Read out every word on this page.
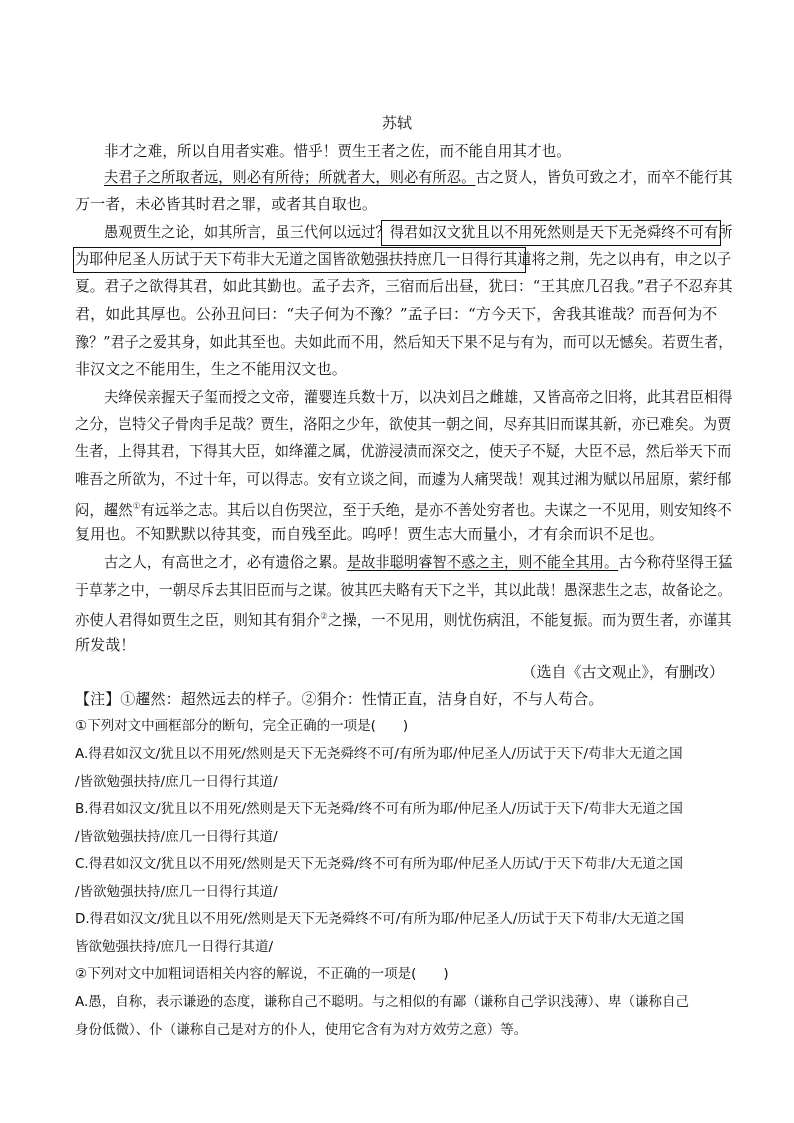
苏轼
非才之难，所以自用者实难。惜乎！贾生王者之佐，而不能自用其才也。
夫君子之所取者远，则必有所待；所就者大，则必有所忍。古之贤人，皆负可致之才，而卒不能行其
万一者，未必皆其时君之罪，或者其自取也。
愚观贾生之论，如其所言，虽三代何以远过？得君如汉文犹且以不用死然则是天下无尧舜终不可有所
为耶仲尼圣人历试于天下苟非大无道之国皆欲勉强扶持庶几一日得行其道将之荆，先之以冉有，申之以子
夏。君子之欲得其君，如此其勤也。孟子去齐，三宿而后出昼，犹曰：“王其庶几召我。”君子不忍弃其
君，如此其厚也。公孙丑问曰：“夫子何为不豫？”孟子曰：“方今天下，舍我其谁哉？而吾何为不
豫？”君子之爱其身，如此其至也。夫如此而不用，然后知天下果不足与有为，而可以无憾矣。若贾生者，
非汉文之不能用生，生之不能用汉文也。
夫绛侯亲握天子玺而授之文帝，灌婴连兵数十万，以决刘吕之雌雄，又皆高帝之旧将，此其君臣相得
之分，岂特父子骨肉手足哉？贾生，洛阳之少年，欲使其一朝之间，尽弃其旧而谋其新，亦已难矣。为贾
生者，上得其君，下得其大臣，如绛灌之属，优游浸渍而深交之，使天子不疑，大臣不忌，然后举天下而
唯吾之所欲为，不过十年，可以得志。安有立谈之间，而遽为人痛哭哉！观其过湘为赋以吊屈原，萦纡郁
闷，趯然①有远举之志。其后以自伤哭泣，至于夭绝，是亦不善处穷者也。夫谋之一不见用，则安知终不
复用也。不知默默以待其变，而自残至此。呜呼！贾生志大而量小，才有余而识不足也。
古之人，有高世之才，必有遗俗之累。是故非聪明睿智不惑之主，则不能全其用。古今称苻坚得王猛
于草茅之中，一朝尽斥去其旧臣而与之谋。彼其匹夫略有天下之半，其以此哉！愚深悲生之志，故备论之。
亦使人君得如贾生之臣，则知其有狷介②之操，一不见用，则忧伤病沮，不能复振。而为贾生者，亦谨其
所发哉！
（选自《古文观止》，有删改）
【注】①趯然：超然远去的样子。②狷介：性情正直，洁身自好，不与人苟合。
①下列对文中画框部分的断句，完全正确的一项是(　　)
A.得君如汉文/犹且以不用死/然则是天下无尧舜终不可/有所为耶/仲尼圣人/历试于天下/苟非大无道之国
/皆欲勉强扶持/庶几一日得行其道/
B.得君如汉文/犹且以不用死/然则是天下无尧舜/终不可有所为耶/仲尼圣人/历试于天下/苟非大无道之国
/皆欲勉强扶持/庶几一日得行其道/
C.得君如汉文/犹且以不用死/然则是天下无尧舜/终不可有所为耶/仲尼圣人历试/于天下苟非/大无道之国
/皆欲勉强扶持/庶几一日得行其道/
D.得君如汉文/犹且以不用死/然则是天下无尧舜终不可/有所为耶/仲尼圣人/历试于天下苟非/大无道之国
皆欲勉强扶持/庶几一日得行其道/
②下列对文中加粗词语相关内容的解说，不正确的一项是(　　)
A.愚，自称，表示谦逊的态度，谦称自己不聪明。与之相似的有鄙（谦称自己学识浅薄）、卑（谦称自己
身份低微）、仆（谦称自己是对方的仆人，使用它含有为对方效劳之意）等。
